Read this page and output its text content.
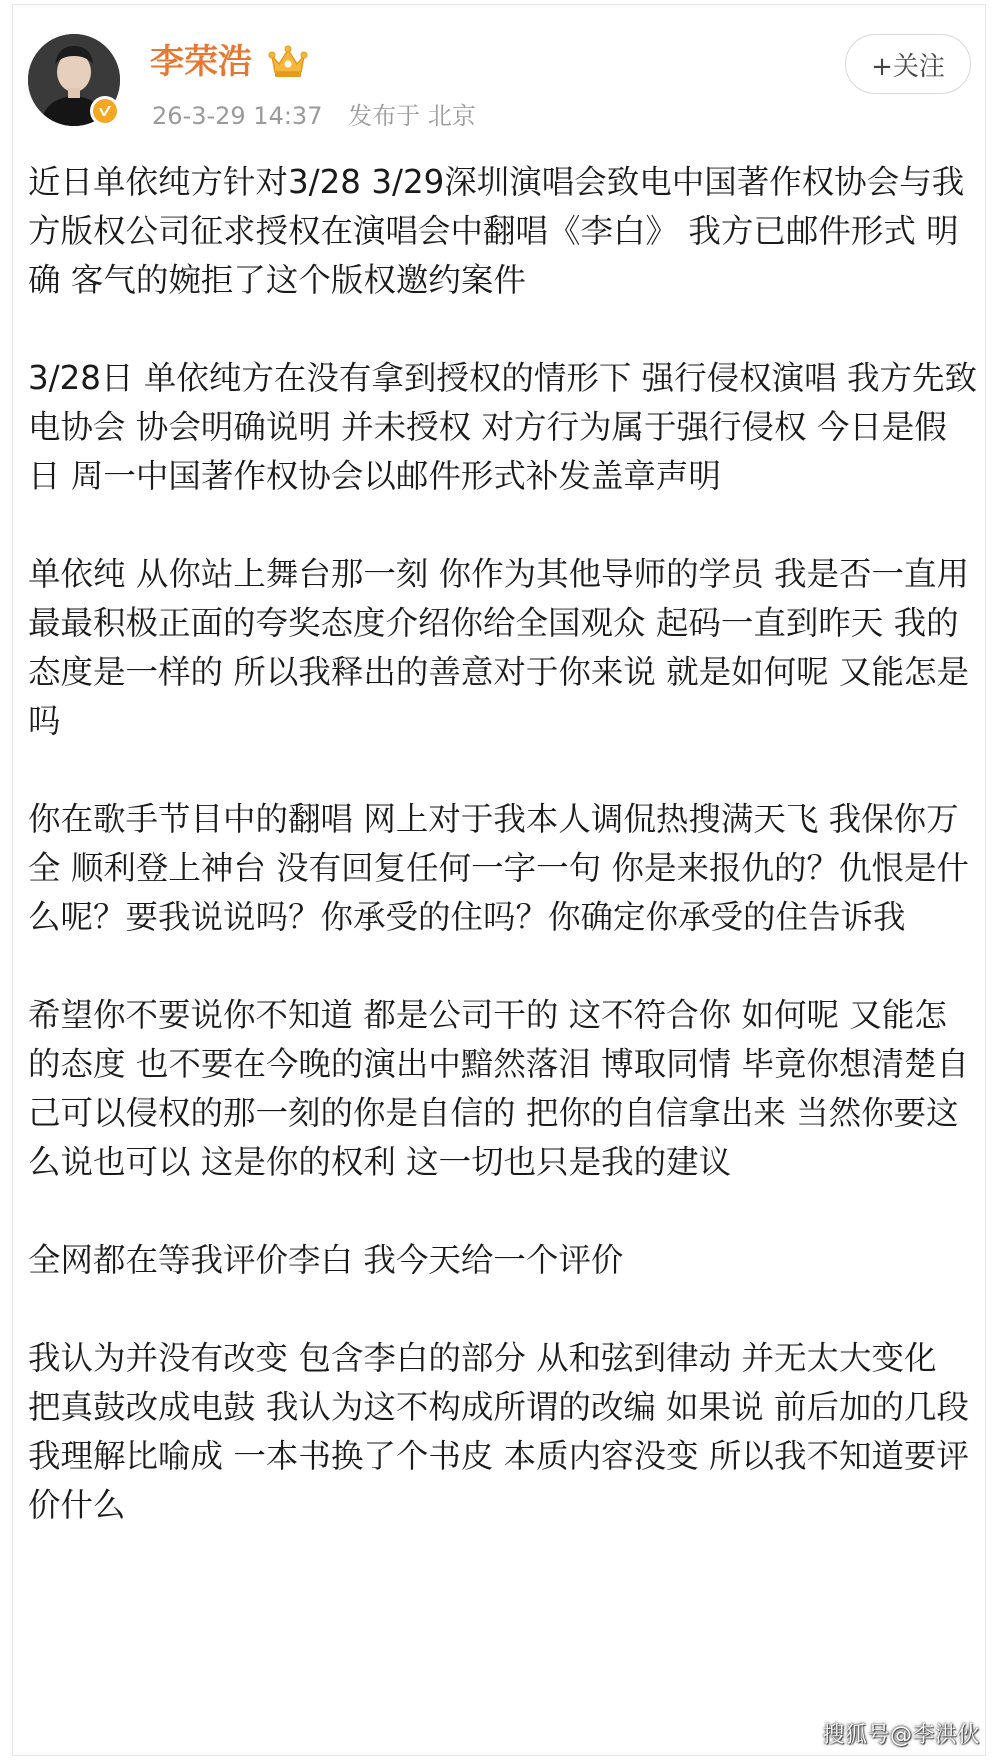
李荣浩
26-3-29 14:37 发布于 北京
+关注

近日单依纯方针对3/28 3/29深圳演唱会致电中国著作权协会与我方版权公司征求授权在演唱会中翻唱《李白》 我方已邮件形式 明确 客气的婉拒了这个版权邀约案件

3/28日 单依纯方在没有拿到授权的情形下 强行侵权演唱 我方先致电协会 协会明确说明 并未授权 对方行为属于强行侵权 今日是假日 周一中国著作权协会以邮件形式补发盖章声明

单依纯 从你站上舞台那一刻 你作为其他导师的学员 我是否一直用最最积极正面的夸奖态度介绍你给全国观众 起码一直到昨天 我的态度是一样的 所以我释出的善意对于你来说 就是如何呢 又能怎是吗

你在歌手节目中的翻唱 网上对于我本人调侃热搜满天飞 我保你万全 顺利登上神台 没有回复任何一字一句 你是来报仇的？仇恨是什么呢？要我说说吗？你承受的住吗？你确定你承受的住告诉我

希望你不要说你不知道 都是公司干的 这不符合你 如何呢 又能怎的态度 也不要在今晚的演出中黯然落泪 博取同情 毕竟你想清楚自己可以侵权的那一刻的你是自信的 把你的自信拿出来 当然你要这么说也可以 这是你的权利 这一切也只是我的建议

全网都在等我评价李白 我今天给一个评价

我认为并没有改变 包含李白的部分 从和弦到律动 并无太大变化 把真鼓改成电鼓 我认为这不构成所谓的改编 如果说 前后加的几段 我理解比喻成 一本书换了个书皮 本质内容没变 所以我不知道要评价什么

搜狐号@李洪伙
